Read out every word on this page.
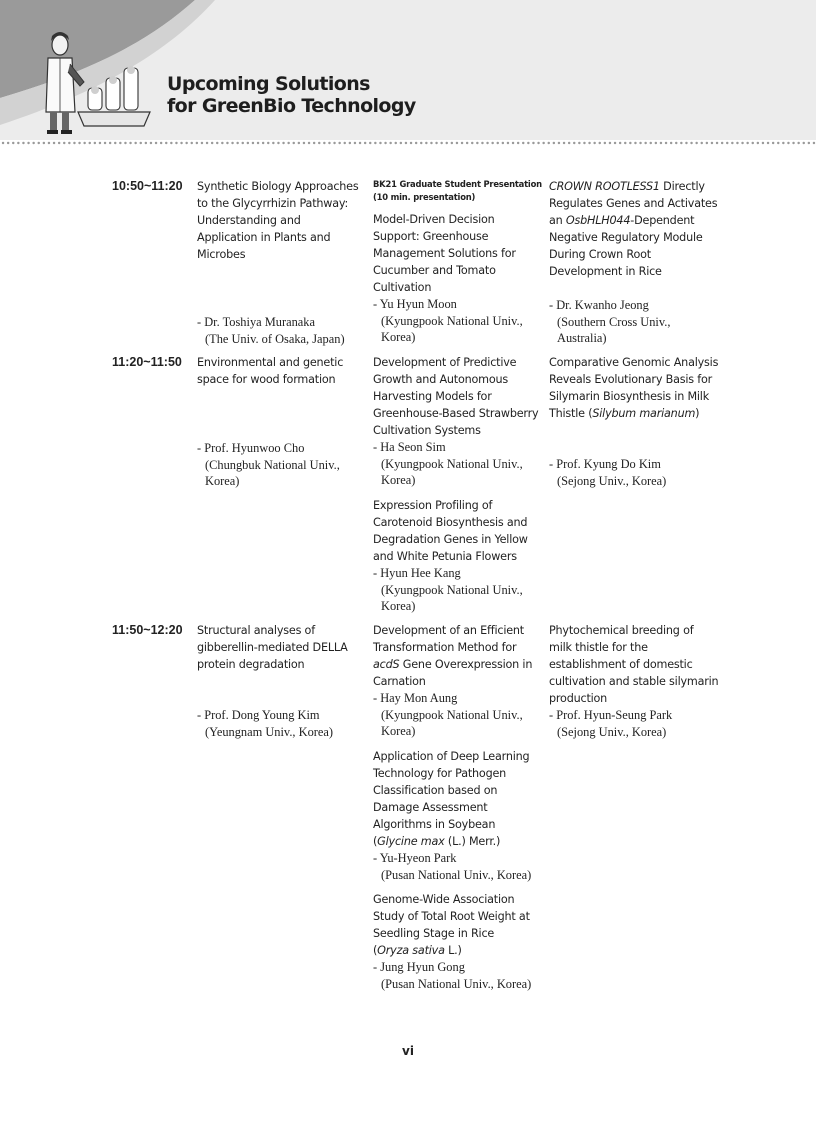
Upcoming Solutions
for GreenBio Technology
10:50~11:20 Synthetic Biology Approaches
to the Glycyrrhizin Pathway:
Understanding and
Application in Plants and
Microbes
- Dr. Toshiya Muranaka
(The Univ. of Osaka, Japan)
BK21 Graduate Student Presentation
(10 min. presentation)
Model-Driven Decision
Support: Greenhouse
Management Solutions for
Cucumber and Tomato
Cultivation
- Yu Hyun Moon
(Kyungpook National Univ.,
Korea)
CROWN ROOTLESS1 Directly
Regulates Genes and Activates
an OsbHLH044-Dependent
Negative Regulatory Module
During Crown Root
Development in Rice
- Dr. Kwanho Jeong
(Southern Cross Univ.,
Australia)
11:20~11:50 Environmental and genetic
space for wood formation
- Prof. Hyunwoo Cho
(Chungbuk National Univ.,
Korea)
Development of Predictive
Growth and Autonomous
Harvesting Models for
Greenhouse-Based Strawberry
Cultivation Systems
- Ha Seon Sim
(Kyungpook National Univ.,
Korea)
Expression Profiling of
Carotenoid Biosynthesis and
Degradation Genes in Yellow
and White Petunia Flowers
- Hyun Hee Kang
(Kyungpook National Univ.,
Korea)
Comparative Genomic Analysis
Reveals Evolutionary Basis for
Silymarin Biosynthesis in Milk
Thistle (Silybum marianum)
- Prof. Kyung Do Kim
(Sejong Univ., Korea)
11:50~12:20 Structural analyses of
gibberellin-mediated DELLA
protein degradation
- Prof. Dong Young Kim
(Yeungnam Univ., Korea)
Development of an Efficient
Transformation Method for
acdS Gene Overexpression in
Carnation
- Hay Mon Aung
(Kyungpook National Univ.,
Korea)
Application of Deep Learning
Technology for Pathogen
Classification based on
Damage Assessment
Algorithms in Soybean
(Glycine max (L.) Merr.)
- Yu-Hyeon Park
(Pusan National Univ., Korea)
Genome-Wide Association
Study of Total Root Weight at
Seedling Stage in Rice
(Oryza sativa L.)
- Jung Hyun Gong
(Pusan National Univ., Korea)
Phytochemical breeding of
milk thistle for the
establishment of domestic
cultivation and stable silymarin
production
- Prof. Hyun-Seung Park
(Sejong Univ., Korea)
vi
